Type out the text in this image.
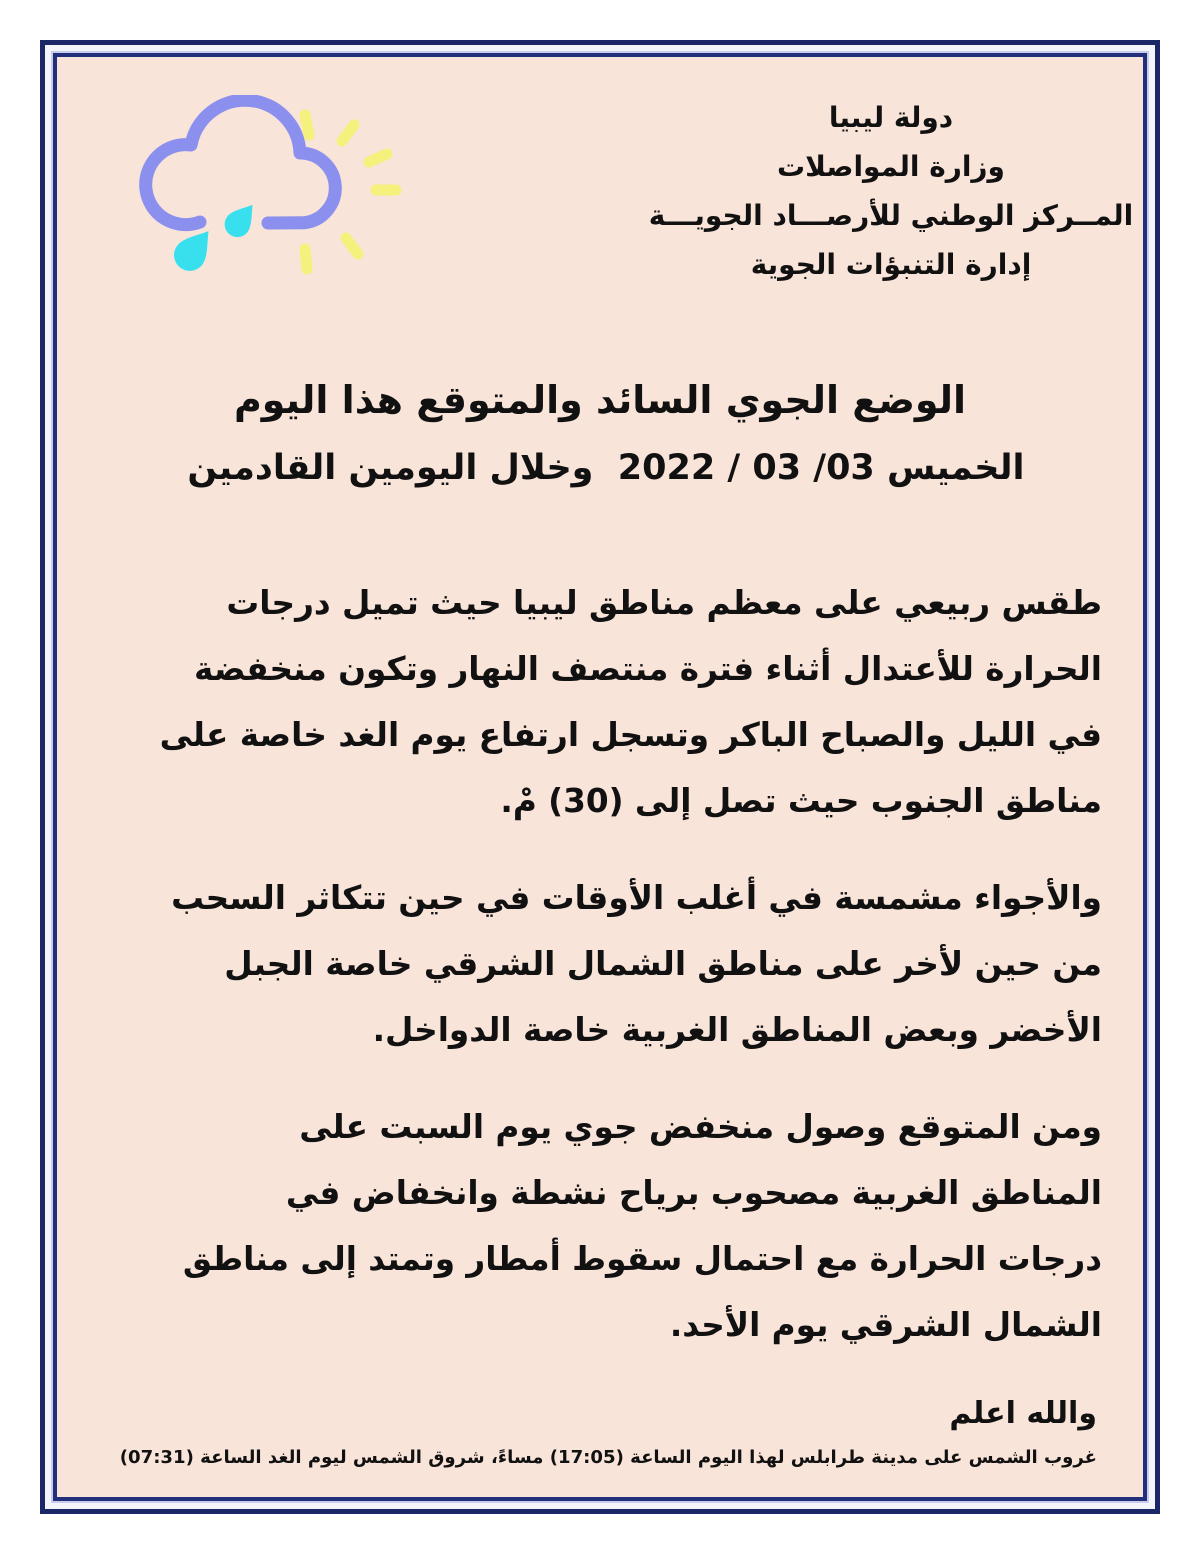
دولة ليبيا
وزارة المواصلات
المــركز الوطني للأرصـــاد الجويـــة
إدارة التنبؤات الجوية
الوضع الجوي السائد والمتوقع هذا اليوم
الخميس 03/ 03 / 2022  وخلال اليومين القادمين
طقس ربيعي على معظم مناطق ليبيا حيث تميل درجات
الحرارة للأعتدال أثناء فترة منتصف النهار وتكون منخفضة
في الليل والصباح الباكر وتسجل ارتفاع يوم الغد خاصة على
مناطق الجنوب حيث تصل إلى (30) مْ.
والأجواء مشمسة في أغلب الأوقات في حين تتكاثر السحب
من حين لأخر على مناطق الشمال الشرقي خاصة الجبل
الأخضر وبعض المناطق الغربية خاصة الدواخل.
ومن المتوقع وصول منخفض جوي يوم السبت على
المناطق الغربية مصحوب برياح نشطة وانخفاض في
درجات الحرارة مع احتمال سقوط أمطار وتمتد إلى مناطق
الشمال الشرقي يوم الأحد.
والله اعلم
غروب الشمس على مدينة طرابلس لهذا اليوم الساعة (17:05) مساءً، شروق الشمس ليوم الغد الساعة (07:31)
